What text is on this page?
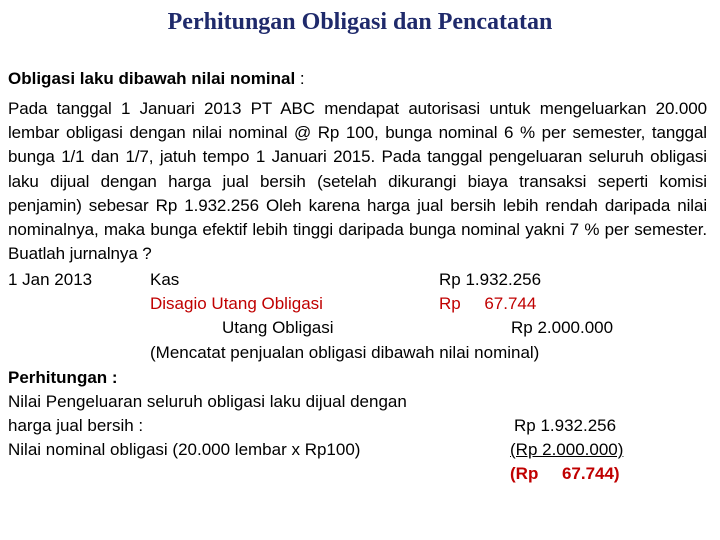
Perhitungan Obligasi dan Pencatatan
Obligasi laku dibawah nilai nominal :
Pada tanggal 1 Januari 2013 PT ABC mendapat autorisasi untuk mengeluarkan 20.000 lembar obligasi dengan nilai nominal @ Rp 100, bunga nominal 6 % per semester, tanggal bunga 1/1 dan 1/7, jatuh tempo 1 Januari 2015. Pada tanggal pengeluaran seluruh obligasi laku dijual dengan harga jual bersih (setelah dikurangi biaya transaksi seperti komisi penjamin) sebesar Rp 1.932.256 Oleh karena harga jual bersih lebih rendah daripada nilai nominalnya, maka bunga efektif lebih tinggi daripada bunga nominal yakni 7 % per semester. Buatlah jurnalnya ?
1 Jan 2013	Kas	Rp 1.932.256
Disagio Utang Obligasi	Rp     67.744
Utang Obligasi	Rp 2.000.000
(Mencatat penjualan obligasi dibawah nilai nominal)
Perhitungan :
Nilai Pengeluaran seluruh obligasi laku dijual dengan
harga jual bersih :	Rp 1.932.256
Nilai nominal obligasi (20.000 lembar x Rp100)	(Rp 2.000.000)
(Rp     67.744)
